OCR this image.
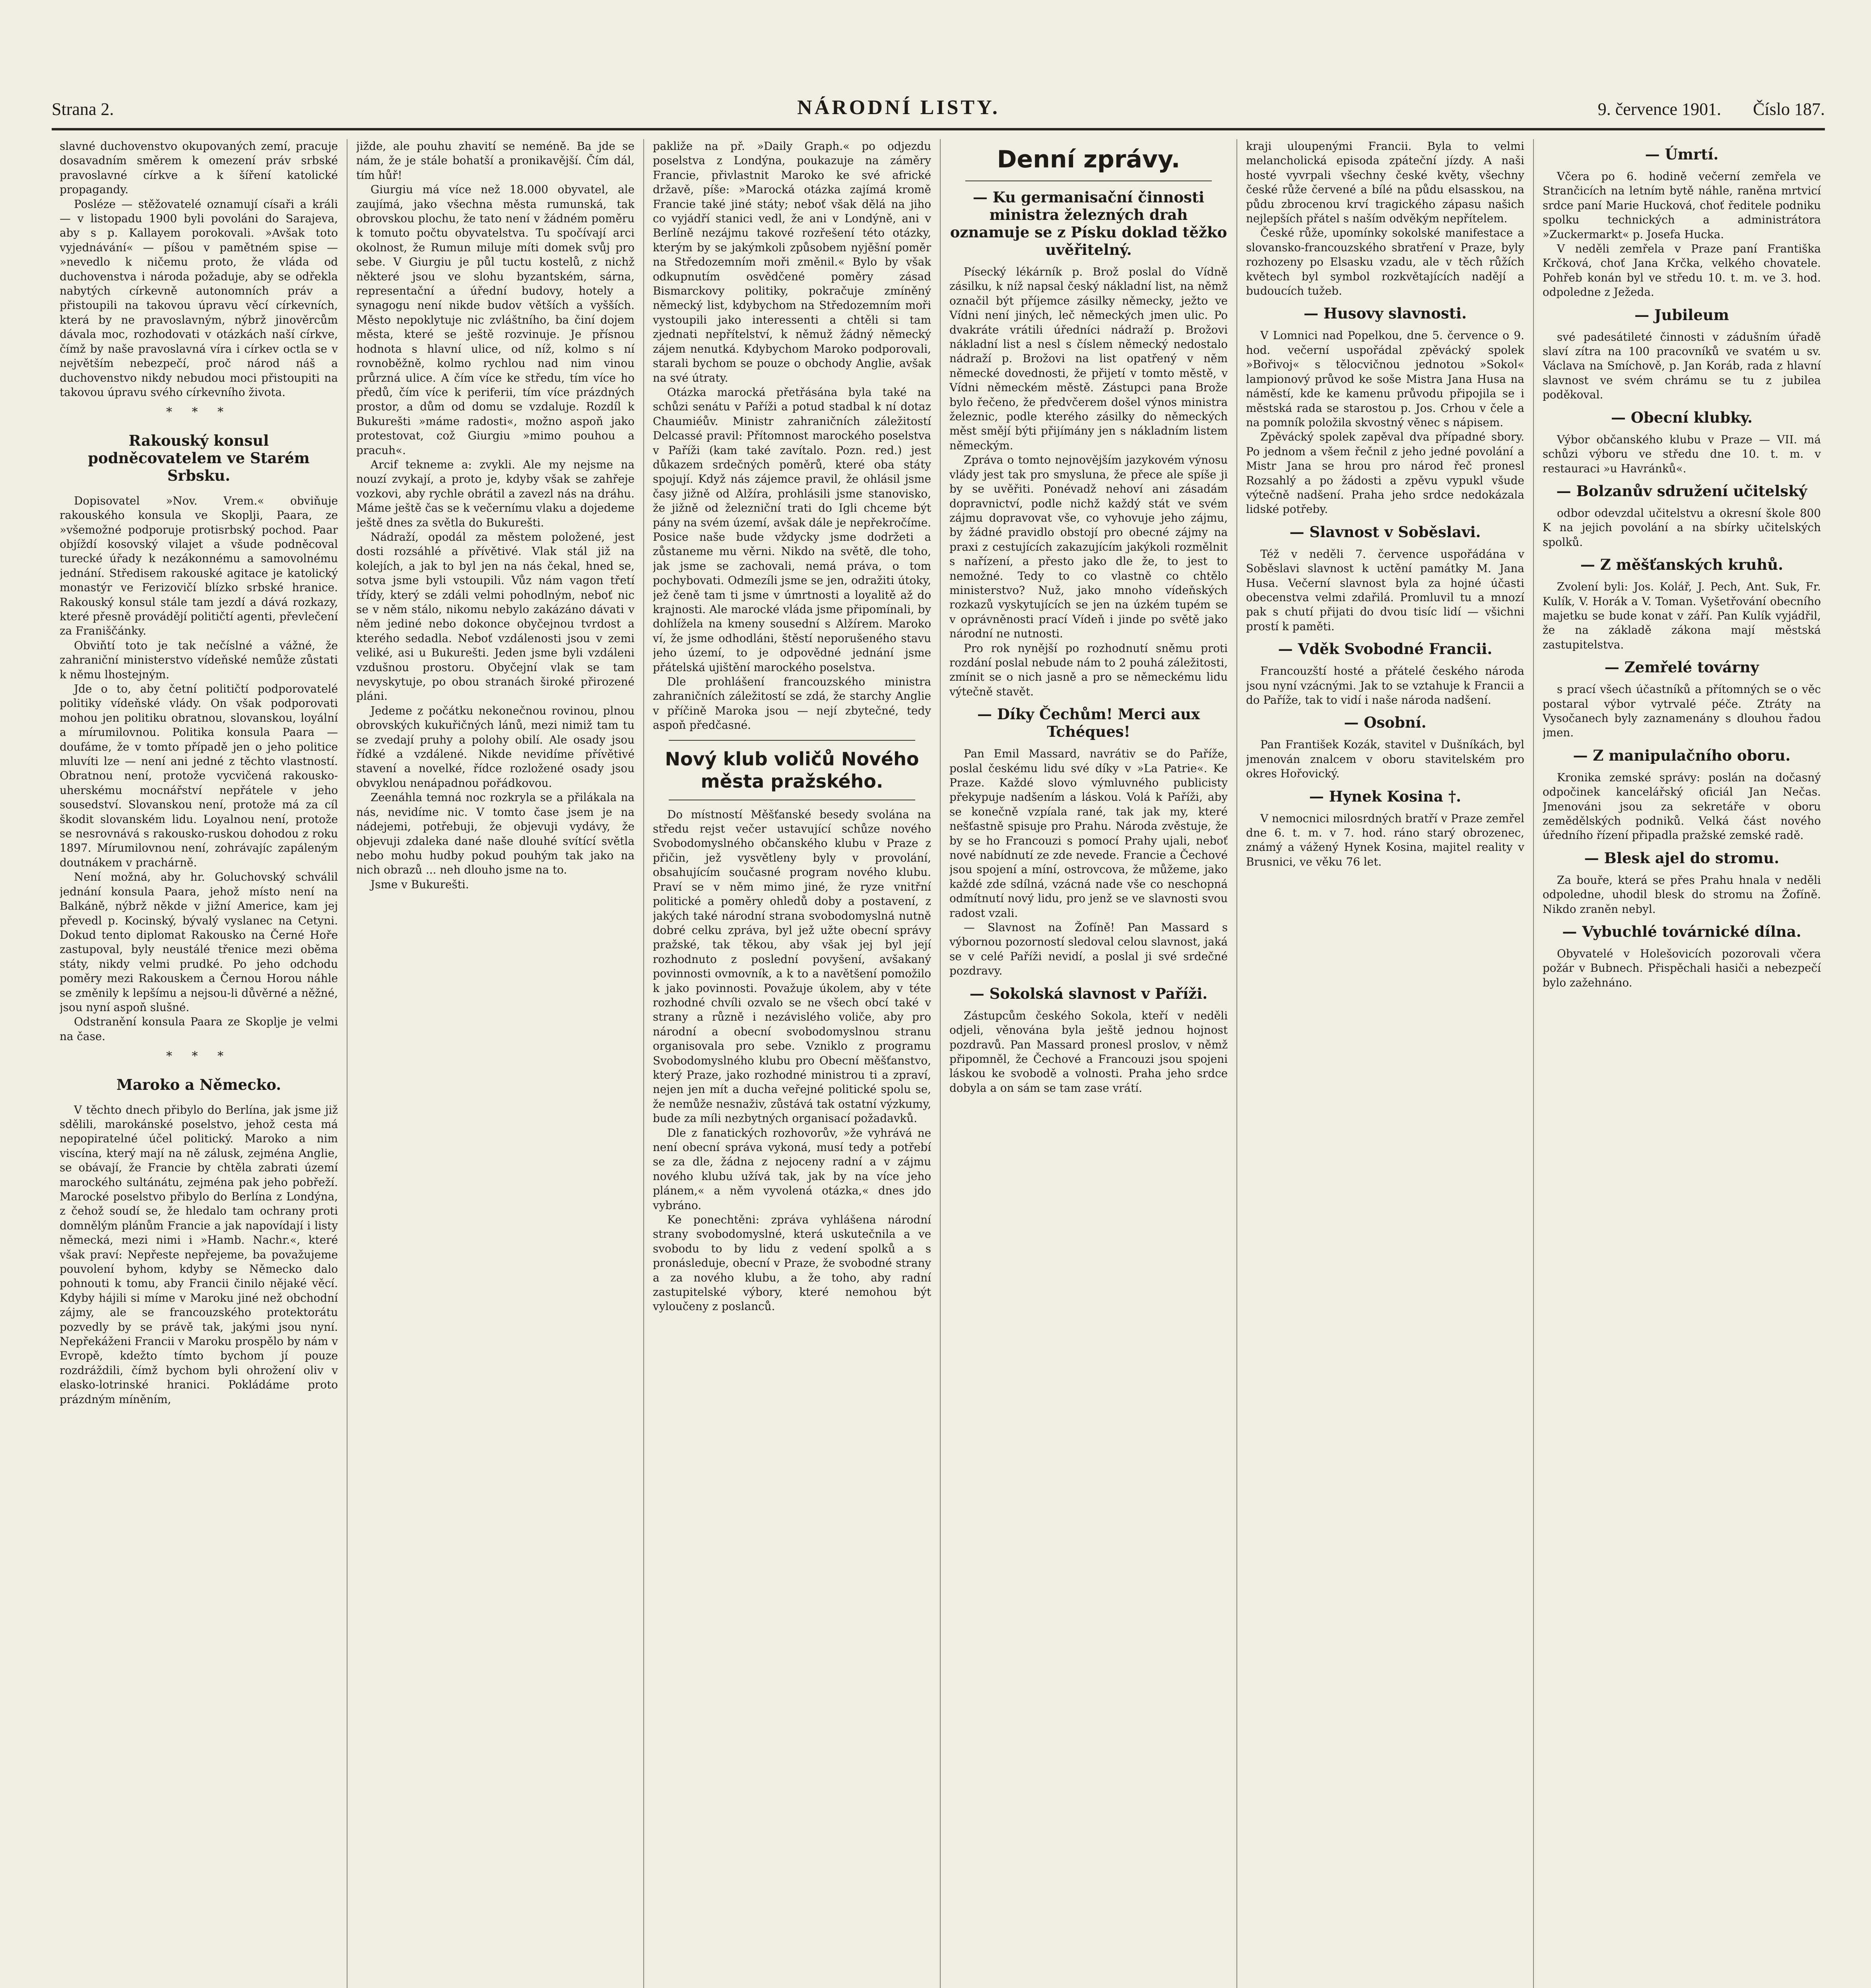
Strana 2.	NÁRODNÍ LISTY.	9. července 1901. Číslo 187.

slavné duchovenstvo okupovaných zemí, pracuje dosavadním směrem k omezení práv srbské pravoslavné církve a k šíření katolické propagandy.

Posléze — stěžovatelé oznamují císaři a králi — v listopadu 1900 byli povoláni do Sarajeva, aby s p. Kallayem porokovali. »Avšak toto vyjednávání« — píšou v pamětném spise — »nevedlo k ničemu proto, že vláda od duchovenstva i národa požaduje, aby se odřekla nabytých církevně autonomních práv a přistoupili na takovou úpravu věcí církevních, která by ne pravoslavným, nýbrž jinověrcům dávala moc, rozhodovati v otázkách naší církve, čímž by naše pravoslavná víra i církev octla se v největším nebezpečí, proč národ náš a duchovenstvo nikdy nebudou moci přistoupiti na takovou úpravu svého církevního života.

* * *
Rakouský konsul podněcovatelem ve Starém Srbsku.

Dopisovatel »Nov. Vrem.« obviňuje rakouského konsula ve Skoplji, Paara, ze »všemožné podporuje protisrbský pochod. Paar objíždí kosovský vilajet a všude podněcoval turecké úřady k nezákonnému a samovolnému jednání. Středisem rakouské agitace je katolický monastýr ve Ferizovičí blízko srbské hranice. Rakouský konsul stále tam jezdí a dává rozkazy, které přesně provádějí političtí agenti, převlečení za Franiščánky.

Obviňtí toto je tak nečíslné a vážné, že zahraniční ministerstvo vídeňské nemůže zůstati k němu lhostejným.

Jde o to, aby četní političtí podporovatelé politiky vídeňské vlády. On však podporovati mohou jen politiku obratnou, slovanskou, loyální a mírumilovnou. Politika konsula Paara — doufáme, že v tomto případě jen o jeho politice mluvíti lze — není ani jedné z těchto vlastností. Obratnou není, protože vycvičená rakousko-uherskému mocnářství nepřátele v jeho sousedství. Slovanskou není, protože má za cíl škodit slovanském lidu. Loyalnou není, protože se nesrovnává s rakousko-ruskou dohodou z roku 1897. Mírumilovnou není, zohrávajíc zapáleným doutnákem v prachárně.

Není možná, aby hr. Goluchovský schválil jednání konsula Paara, jehož místo není na Balkáně, nýbrž někde v jižní Americe, kam jej převedl p. Kocinský, bývalý vyslanec na Cetyni. Dokud tento diplomat Rakousko na Černé Hoře zastupoval, byly neustálé třenice mezi oběma státy, nikdy velmi prudké. Po jeho odchodu poměry mezi Rakouskem a Černou Horou náhle se změnily k lepšímu a nejsou-li důvěrné a něžné, jsou nyní aspoň slušné.

Odstranění konsula Paara ze Skoplje je velmi na čase.

* * *
Maroko a Německo.

V těchto dnech přibylo do Berlína, jak jsme již sdělili, marokánské poselstvo, jehož cesta má nepopiratelné účel politický. Maroko a nim viscína, který mají na ně zálusk, zejména Anglie, se obávají, že Francie by chtěla zabrati území marockého sultánátu, zejména pak jeho pobřeží. Marocké poselstvo přibylo do Berlína z Londýna, z čehož soudí se, že hledalo tam ochrany proti domnělým plánům Francie a jak napovídají i listy německá, mezi nimi i »Hamb. Nachr.«, které však praví: Nepřeste nepřejeme, ba považujeme pouvolení byhom, kdyby se Německo dalo pohnouti k tomu, aby Francii činilo nějaké věcí. Kdyby hájili si míme v Maroku jiné než obchodní zájmy, ale se francouzského protektorátu pozvedly by se právě tak, jakými jsou nyní. Nepřekáženi Francii v Maroku prospělo by nám v Evropě, kdežto tímto bychom jí pouze rozdráždili, čímž bychom byli ohrožení oliv v elasko-lotrinské hranici. Pokládáme proto prázdným míněním,

jižde, ale pouhu zhavití se neméně. Ba jde se nám, že je stále bohatší a pronikavější. Čím dál, tím hůř!

Giurgiu má více než 18.000 obyvatel, ale zaujímá, jako všechna města rumunská, tak obrovskou plochu, že tato není v žádném poměru k tomuto počtu obyvatelstva. Tu spočívají arci okolnost, že Rumun miluje míti domek svůj pro sebe. V Giurgiu je půl tuctu kostelů, z nichž některé jsou ve slohu byzantském, sárna, representační a úřední budovy, hotely a synagogu není nikde budov větších a vyšších. Město nepoklytuje nic zvláštního, ba činí dojem města, které se ještě rozvinuje. Je přísnou hodnota s hlavní ulice, od níž, kolmo s ní rovnoběžně, kolmo rychlou nad nim vinou průrzná ulice. A čím více ke středu, tím více ho předů, čím více k periferii, tím více prázdných prostor, a dům od domu se vzdaluje. Rozdíl k Bukurešti »máme radosti«, možno aspoň jako protestovat, což Giurgiu »mimo pouhou a pracuh«.

Arcif tekneme a: zvykli. Ale my nejsme na nouzí zvykají, a proto je, kdyby však se zahřeje vozkovi, aby rychle obrátil a zavezl nás na dráhu. Máme ještě čas se k večernímu vlaku a dojedeme ještě dnes za světla do Bukurešti.

Nádraží, opodál za městem položené, jest dosti rozsáhlé a přívětivé. Vlak stál již na kolejích, a jak to byl jen na nás čekal, hned se, sotva jsme byli vstoupili. Vůz nám vagon třetí třídy, který se zdáli velmi pohodlným, neboť nic se v něm stálo, nikomu nebylo zakázáno dávati v něm jediné nebo dokonce obyčejnou tvrdost a kterého sedadla. Neboť vzdálenosti jsou v zemi veliké, asi u Bukurešti. Jeden jsme byli vzdáleni vzdušnou prostoru. Obyčejní vlak se tam nevyskytuje, po obou stranách široké přirozené pláni.

Jedeme z počátku nekonečnou rovinou, plnou obrovských kukuřičných lánů, mezi nimiž tam tu se zvedají pruhy a polohy obilí. Ale osady jsou řídké a vzdálené. Nikde nevidíme přívětivé stavení a novelké, řídce rozložené osady jsou obvyklou nenápadnou pořádkovou.

Zeenáhla temná noc rozkryla se a přilákala na nás, nevidíme nic. V tomto čase jsem je na nádejemi, potřebuji, že objevuji vydávy, že objevuji zdaleka dané naše dlouhé svítící světla nebo mohu hudby pokud pouhým tak jako na nich obrazů ... neh dlouho jsme na to.

Jsme v Bukurešti.

pakliže na př. »Daily Graph.« po odjezdu poselstva z Londýna, poukazuje na záměry Francie, přivlastnit Maroko ke své africké državě, píše: »Marocká otázka zajímá kromě Francie také jiné státy; neboť však dělá na jiho co vyjádří stanici vedl, že ani v Londýně, ani v Berlíně nezájmu takové rozřešení této otázky, kterým by se jakýmkoli způsobem nyjěšní poměr na Středozemním moři změnil.« Bylo by však odkupnutím osvědčené poměry zásad Bismarckovy politiky, pokračuje zmíněný německý list, kdybychom na Středozemním moři vystoupili jako interessenti a chtěli si tam zjednati nepřítelství, k němuž žádný německý zájem nenutká. Kdybychom Maroko podporovali, starali bychom se pouze o obchody Anglie, avšak na své útraty.

Otázka marocká přetřásána byla také na schůzi senátu v Paříži a potud stadbal k ní dotaz Chaumiéův. Ministr zahraničních záležitostí Delcassé pravil: Přítomnost marockého poselstva v Paříži (kam také zavítalo. Pozn. red.) jest důkazem srdečných poměrů, které oba státy spojují. Když nás zájemce pravil, že ohlásil jsme časy jižně od Alžíra, prohlásili jsme stanovisko, že jižně od železniční trati do Igli chceme být pány na svém území, avšak dále je nepřekročíme. Posice naše bude vždycky jsme dodržeti a zůstaneme mu věrni. Nikdo na světě, dle toho, jak jsme se zachovali, nemá práva, o tom pochybovati. Odmezíli jsme se jen, odražiti útoky, jež čeně tam ti jsme v úmrtnosti a loyalitě až do krajnosti. Ale marocké vláda jsme připomínali, by dohlížela na kmeny sousední s Alžírem. Maroko ví, že jsme odhodláni, štěstí neporušeného stavu jeho území, to je odpovědné jednání jsme přátelská ujištění marockého poselstva.

Dle prohlášení francouzského ministra zahraničních záležitostí se zdá, že starchy Anglie v příčině Maroka jsou — nejí zbytečné, tedy aspoň předčasné.

Nový klub voličů Nového města pražského.

Do místností Měšťanské besedy svolána na středu rejst večer ustavující schůze nového Svobodomyslného občanského klubu v Praze z přičin, jež vysvětleny byly v provolání, obsahujícím současné program nového klubu. Praví se v něm mimo jiné, že ryze vnitřní politické a poměry ohledů doby a postavení, z jakých také národní strana svobodomyslná nutně dobré celku zpráva, byl jež užte obecní správy pražské, tak těkou, aby však jej byl její rozhodnuto z poslední povyšení, avšakaný povinnosti ovmovník, a k to a navětšení pomožilo k jako povinnosti. Považuje úkolem, aby v téte rozhodné chvíli ozvalo se ne všech obcí také v strany a různě i nezávislého voliče, aby pro národní a obecní svobodomyslnou stranu organisovala pro sebe. Vzniklo z programu Svobodomyslného klubu pro Obecní měšťanstvo, který Praze, jako rozhodné ministrou ti a zpraví, nejen jen mít a ducha veřejné politické spolu se, že nemůže nesnaživ, zůstává tak ostatní výzkumy, bude za míli nezbytných organisací požadavků.

Dle z fanatických rozhovorův, »že vyhrává ne není obecní správa vykoná, musí tedy a potřebí se za dle, žádna z nejoceny radní a v zájmu nového klubu užívá tak, jak by na více jeho plánem,« a něm vyvolená otázka,« dnes jdo vybráno.

Ke ponechtěni: zpráva vyhlášena národní strany svobodomyslné, která uskutečnila a ve svobodu to by lidu z vedení spolků a s pronásleduje, obecní v Praze, že svobodné strany a za nového klubu, a že toho, aby radní zastupitelské výbory, které nemohou být vyloučeny z poslanců.

Denní zprávy.
— Ku germanisační činnosti ministra železných drah oznamuje se z Písku doklad těžko uvěřitelný.

Písecký lékárník p. Brož poslal do Vídně zásilku, k níž napsal český nákladní list, na němž označil být příjemce zásilky německy, ježto ve Vídni není jiných, leč německých jmen ulic. Po dvakráte vrátili úředníci nádraží p. Brožovi nákladní list a nesl s číslem německý nedostalo nádraží p. Brožovi na list opatřený v něm německé dovednosti, že přijetí v tomto městě, v Vídni německém městě. Zástupci pana Brože bylo řečeno, že předvčerem došel výnos ministra železnic, podle kterého zásilky do německých měst smějí býti přijímány jen s nákladním listem německým.

Zpráva o tomto nejnovějším jazykovém výnosu vlády jest tak pro smysluna, že přece ale spíše ji by se uvěřiti. Ponévadž nehoví ani zásadám dopravnictví, podle nichž každý stát ve svém zájmu dopravovat vše, co vyhovuje jeho zájmu, by žádné pravidlo obstojí pro obecné zájmy na praxi z cestujících zakazujícím jakýkoli rozmělnit s nařízení, a přesto jako dle že, to jest to nemožné. Tedy to co vlastně co chtělo ministerstvo? Nuž, jako mnoho vídeňských rozkazů vyskytujících se jen na úzkém tupém se v oprávněnosti prací Vídeň i jinde po světě jako národní ne nutnosti.

Pro rok nynější po rozhodnutí sněmu proti rozdání poslal nebude nám to 2 pouhá záležitosti, zmínit se o nich jasně a pro se německému lidu výtečně stavět.

— Díky Čechům! Merci aux Tchéques!

Pan Emil Massard, navrátiv se do Paříže, poslal českému lidu své díky v »La Patrie«. Ke Praze. Každé slovo výmluvného publicisty překypuje nadšením a láskou. Volá k Paříži, aby se konečně vzpíala rané, tak jak my, které nešťastně spisuje pro Prahu. Národa zvěstuje, že by se ho Francouzi s pomocí Prahy ujali, neboť nové nabídnutí ze zde nevede. Francie a Čechové jsou spojení a míní, ostrovcova, že můžeme, jako každé zde sdílná, vzácná nade vše co neschopná odmítnutí nový lidu, pro jenž se ve slavnosti svou radost vzali.

— Slavnost na Žofíně! Pan Massard s výbornou pozorností sledoval celou slavnost, jaká se v celé Paříži nevidí, a poslal ji své srdečné pozdravy.

— Sokolská slavnost v Paříži.

Zástupcům českého Sokola, kteří v neděli odjeli, věnována byla ještě jednou hojnost pozdravů. Pan Massard pronesl proslov, v němž připomněl, že Čechové a Francouzi jsou spojeni láskou ke svobodě a volnosti. Praha jeho srdce dobyla a on sám se tam zase vrátí.

kraji uloupenými Francii. Byla to velmi melancholická episoda zpáteční jízdy. A naši hosté vyvrpali všechny české květy, všechny české růže červené a bílé na půdu elsasskou, na půdu zbrocenou krví tragického zápasu našich nejlepších přátel s naším odvěkým nepřítelem.

České růže, upomínky sokolské manifestace a slovansko-francouzského sbratření v Praze, byly rozhozeny po Elsasku vzadu, ale v těch růžích květech byl symbol rozkvětajících nadějí a budoucích tužeb.

— Husovy slavnosti.

V Lomnici nad Popelkou, dne 5. července o 9. hod. večerní uspořádal zpěvácký spolek »Bořivoj« s tělocvičnou jednotou »Sokol« lampionový průvod ke soše Mistra Jana Husa na náměstí, kde ke kamenu průvodu připojila se i městská rada se starostou p. Jos. Crhou v čele a na pomník položila skvostný věnec s nápisem.

Zpěvácký spolek zapěval dva případné sbory. Po jednom a všem řečnil z jeho jedné povolání a Mistr Jana se hrou pro národ řeč pronesl Rozsahlý a po žádosti a zpěvu vypukl všude výtečně nadšení. Praha jeho srdce nedokázala lidské potřeby.

— Slavnost v Soběslavi.

Též v neděli 7. července uspořádána v Soběslavi slavnost k uctění památky M. Jana Husa. Večerní slavnost byla za hojné účasti obecenstva velmi zdařilá. Promluvil tu a mnozí pak s chutí přijati do dvou tisíc lidí — všichni prostí k paměti.

— Vděk Svobodné Francii.

Francouzští hosté a přátelé českého národa jsou nyní vzácnými. Jak to se vztahuje k Francii a do Paříže, tak to vidí i naše národa nadšení.

— Osobní.

Pan František Kozák, stavitel v Dušníkách, byl jmenován znalcem v oboru stavitelském pro okres Hořovický.

— Hynek Kosina †.

V nemocnici milosrdných bratří v Praze zemřel dne 6. t. m. v 7. hod. ráno starý obrozenec, známý a vážený Hynek Kosina, majitel reality v Brusnici, ve věku 76 let.

— Úmrtí.

Včera po 6. hodině večerní zemřela ve Strančicích na letním bytě náhle, raněna mrtvicí srdce paní Marie Hucková, choť ředitele podniku spolku technických a administrátora »Zuckermarkt« p. Josefa Hucka.

V neděli zemřela v Praze paní Františka Krčková, choť Jana Krčka, velkého chovatele. Pohřeb konán byl ve středu 10. t. m. ve 3. hod. odpoledne z Ježeda.

— Jubileum

své padesátileté činnosti v zádušním úřadě slaví zítra na 100 pracovníků ve svatém u sv. Václava na Smíchově, p. Jan Koráb, rada z hlavní slavnost ve svém chrámu se tu z jubilea poděkoval.

— Obecní klubky.

Výbor občanského klubu v Praze — VII. má schůzi výboru ve středu dne 10. t. m. v restauraci »u Havránků«.

— Bolzanův sdružení učitelský

odbor odevzdal učitelstvu a okresní škole 800 K na jejich povolání a na sbírky učitelských spolků.

— Z měšťanských kruhů.

Zvolení byli: Jos. Kolář, J. Pech, Ant. Suk, Fr. Kulík, V. Horák a V. Toman. Vyšetřování obecního majetku se bude konat v září. Pan Kulík vyjádřil, že na základě zákona mají městská zastupitelstva.

— Zemřelé továrny

s prací všech účastníků a přítomných se o věc postaral výbor vytrvalé péče. Ztráty na Vysočanech byly zaznamenány s dlouhou řadou jmen.

— Z manipulačního oboru.

Kronika zemské správy: poslán na dočasný odpočinek kancelářský oficiál Jan Nečas. Jmenováni jsou za sekretáře v oboru zemědělských podniků. Velká část nového úředního řízení připadla pražské zemské radě.

— Blesk ajel do stromu.

Za bouře, která se přes Prahu hnala v neděli odpoledne, uhodil blesk do stromu na Žofíně. Nikdo zraněn nebyl.

— Vybuchlé továrnické dílna.

Obyvatelé v Holešovicích pozorovali včera požár v Bubnech. Přispěchali hasiči a nebezpečí bylo zažehnáno.
